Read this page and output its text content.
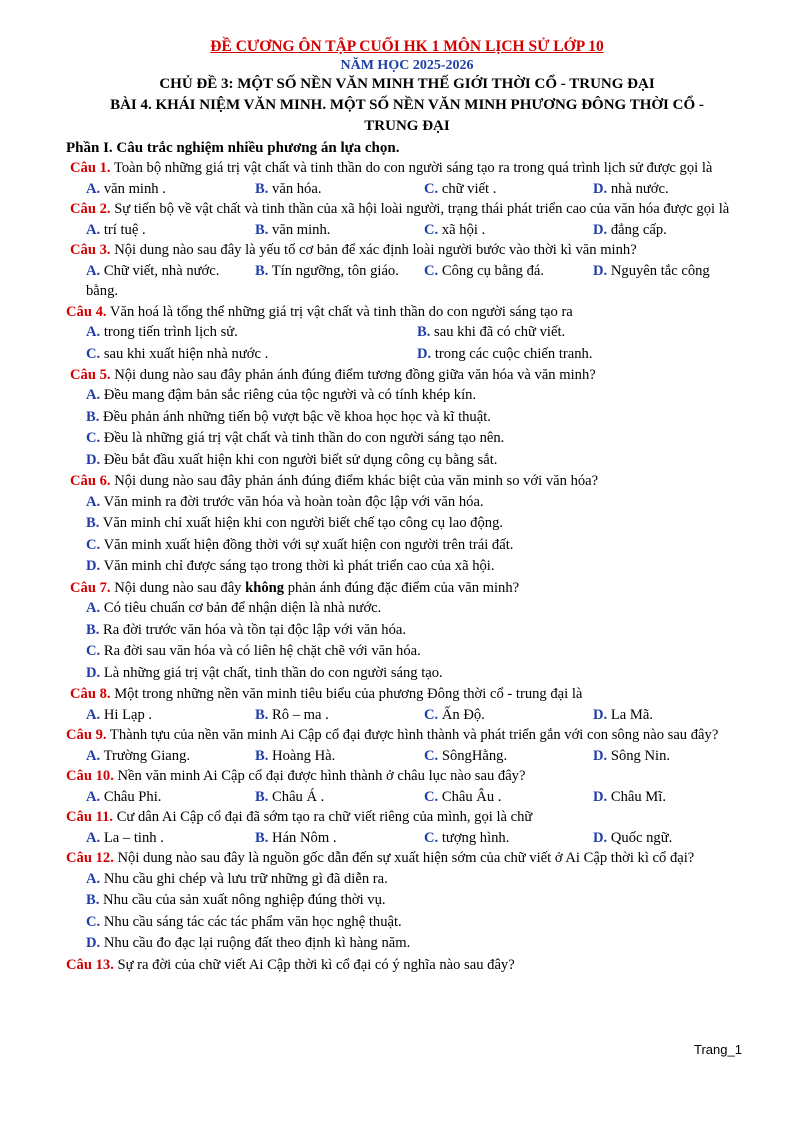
ĐỀ CƯƠNG ÔN TẬP CUỐI HK 1 MÔN LỊCH SỬ LỚP 10
NĂM HỌC 2025-2026
CHỦ ĐỀ 3: MỘT SỐ NỀN VĂN MINH THẾ GIỚI THỜI CỔ - TRUNG ĐẠI
BÀI 4. KHÁI NIỆM VĂN MINH. MỘT SỐ NỀN VĂN MINH PHƯƠNG ĐÔNG THỜI CỔ -
TRUNG ĐẠI
Phần I. Câu trắc nghiệm nhiều phương án lựa chọn.
Câu 1. Toàn bộ những giá trị vật chất và tinh thần do con người sáng tạo ra trong quá trình lịch sử được gọi là
A. văn minh .	B. văn hóa.	C. chữ viết .	D. nhà nước.
Câu 2. Sự tiến bộ về vật chất và tinh thần của xã hội loài người, trạng thái phát triển cao của văn hóa được gọi là
A. trí tuệ .	B. văn minh.	C. xã hội .	D. đẳng cấp.
Câu 3. Nội dung nào sau đây là yếu tố cơ bản để xác định loài người bước vào thời kì văn minh?
A. Chữ viết, nhà nước.	B. Tín ngưỡng, tôn giáo.	C. Công cụ bằng đá.	D. Nguyên tắc công
bằng.
Câu 4. Văn hoá là tổng thể những giá trị vật chất và tinh thần do con người sáng tạo ra
A. trong tiến trình lịch sử.	B. sau khi đã có chữ viết.
C. sau khi xuất hiện nhà nước .	D. trong các cuộc chiến tranh.
Câu 5. Nội dung nào sau đây phản ánh đúng điểm tương đồng giữa văn hóa và văn minh?
A. Đều mang đậm bản sắc riêng của tộc người và có tính khép kín.
B. Đều phản ánh những tiến bộ vượt bậc về khoa học học và kĩ thuật.
C. Đều là những giá trị vật chất và tinh thần do con người sáng tạo nên.
D. Đều bắt đầu xuất hiện khi con người biết sử dụng công cụ bằng sắt.
Câu 6. Nội dung nào sau đây phản ánh đúng điểm khác biệt của văn minh so với văn hóa?
A. Văn minh ra đời trước văn hóa và hoàn toàn độc lập với văn hóa.
B. Văn minh chỉ xuất hiện khi con người biết chế tạo công cụ lao động.
C. Văn minh xuất hiện đồng thời với sự xuất hiện con người trên trái đất.
D. Văn minh chỉ được sáng tạo trong thời kì phát triển cao của xã hội.
Câu 7. Nội dung nào sau đây không phản ánh đúng đặc điểm của văn minh?
A. Có tiêu chuẩn cơ bản để nhận diện là nhà nước.
B. Ra đời trước văn hóa và tồn tại độc lập với văn hóa.
C. Ra đời sau văn hóa và có liên hệ chặt chẽ với văn hóa.
D. Là những giá trị vật chất, tinh thần do con người sáng tạo.
Câu 8. Một trong những nền văn minh tiêu biểu của phương Đông thời cổ - trung đại là
A. Hi Lạp .	B. Rô – ma .	C. Ấn Độ.	D. La Mã.
Câu 9. Thành tựu của nền văn minh Ai Cập cổ đại được hình thành và phát triển gắn với con sông nào sau đây?
A. Trường Giang.	B. Hoàng Hà.	C. SôngHằng.	D. Sông Nin.
Câu 10. Nền văn minh Ai Cập cổ đại được hình thành ở châu lục nào sau đây?
A. Châu Phi.	B. Châu Á .	C. Châu Âu .	D. Châu Mĩ.
Câu 11. Cư dân Ai Cập cổ đại đã sớm tạo ra chữ viết riêng của mình, gọi là chữ
A. La – tinh .	B. Hán Nôm .	C. tượng hình.	D. Quốc ngữ.
Câu 12. Nội dung nào sau đây là nguồn gốc dẫn đến sự xuất hiện sớm của chữ viết ở Ai Cập thời kì cổ đại?
A. Nhu cầu ghi chép và lưu trữ những gì đã diễn ra.
B. Nhu cầu của sản xuất nông nghiệp đúng thời vụ.
C. Nhu cầu sáng tác các tác phẩm văn học nghệ thuật.
D. Nhu cầu đo đạc lại ruộng đất theo định kì hàng năm.
Câu 13. Sự ra đời của chữ viết Ai Cập thời kì cổ đại có ý nghĩa nào sau đây?
Trang_1
